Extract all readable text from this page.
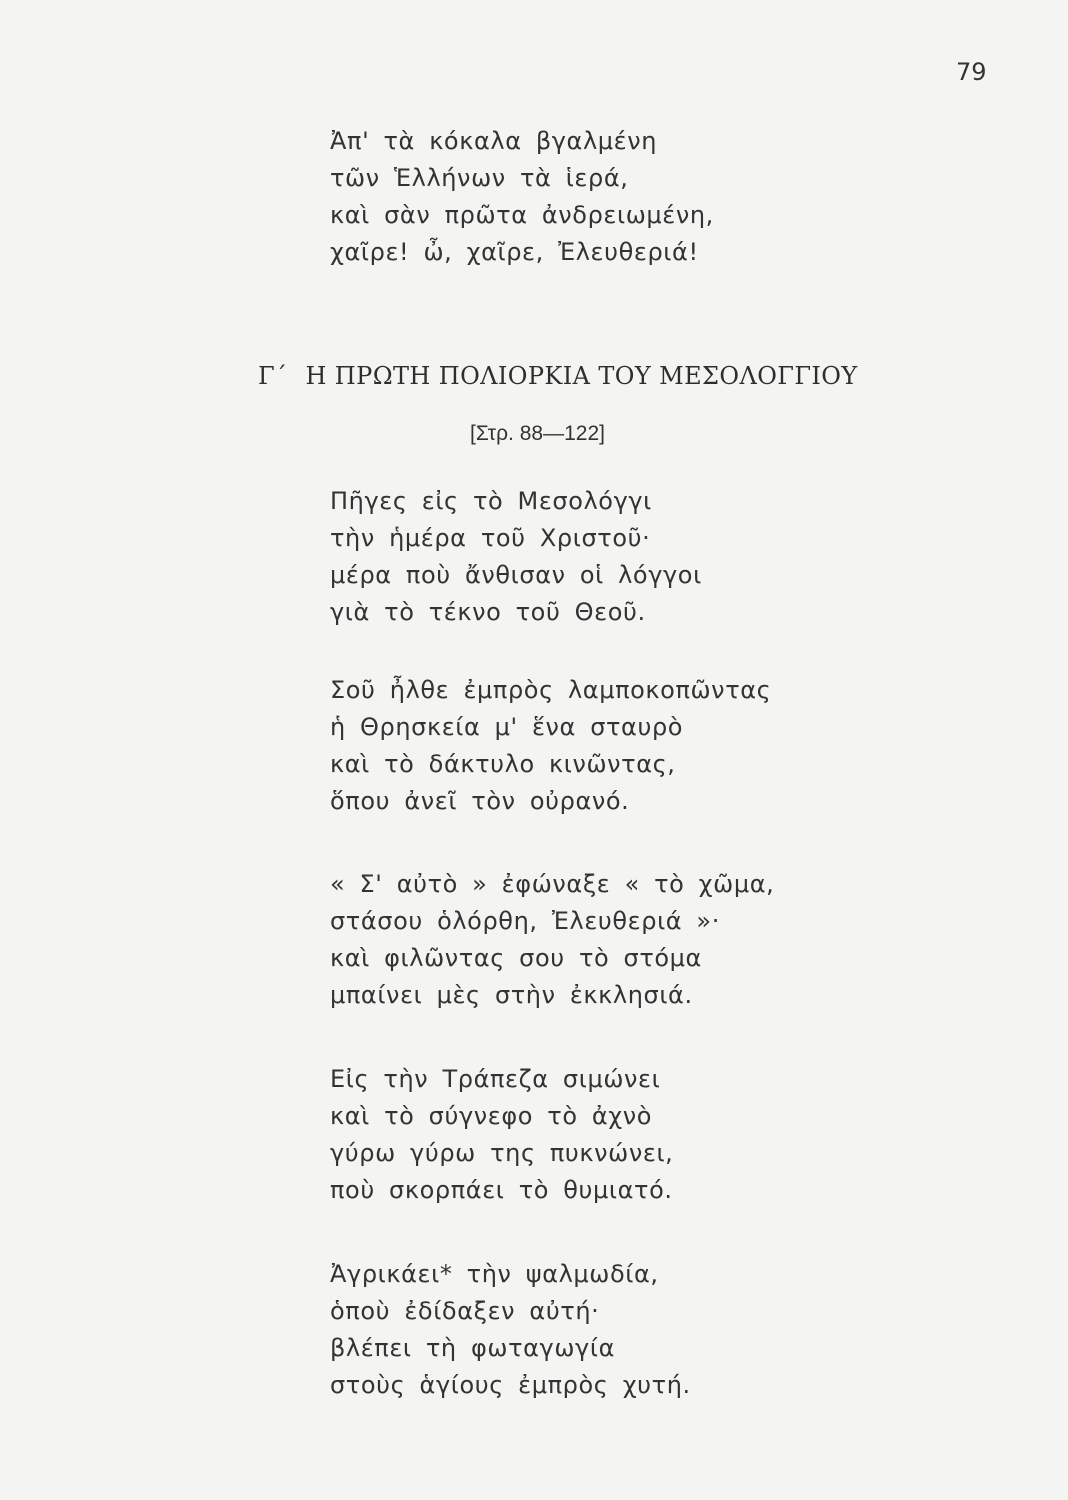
79
Ἀπ' τὰ κόκαλα βγαλμένη
τῶν Ἑλλήνων τὰ ἱερά,
καὶ σὰν πρῶτα ἀνδρειωμένη,
χαῖρε! ὦ, χαῖρε, Ἐλευθεριά!
Γ´ Η ΠΡΩΤΗ ΠΟΛΙΟΡΚΙΑ ΤΟΥ ΜΕΣΟΛΟΓΓΙΟΥ
[Στρ. 88—122]
Πῆγες εἰς τὸ Μεσολόγγι
τὴν ἡμέρα τοῦ Χριστοῦ·
μέρα ποὺ ἄνθισαν οἱ λόγγοι
γιὰ τὸ τέκνο τοῦ Θεοῦ.
Σοῦ ἦλθε ἐμπρὸς λαμποκοπῶντας
ἡ Θρησκεία μ' ἕνα σταυρὸ
καὶ τὸ δάκτυλο κινῶντας,
ὅπου ἀνεῖ τὸν οὐρανό.
« Σ' αὐτὸ » ἐφώναξε « τὸ χῶμα,
στάσου ὁλόρθη, Ἐλευθεριά »·
καὶ φιλῶντας σου τὸ στόμα
μπαίνει μὲς στὴν ἐκκλησιά.
Εἰς τὴν Τράπεζα σιμώνει
καὶ τὸ σύγνεφο τὸ ἀχνὸ
γύρω γύρω της πυκνώνει,
ποὺ σκορπάει τὸ θυμιατό.
Ἀγρικάει* τὴν ψαλμωδία,
ὁποὺ ἐδίδαξεν αὐτή·
βλέπει τὴ φωταγωγία
στοὺς ἁγίους ἐμπρὸς χυτή.
